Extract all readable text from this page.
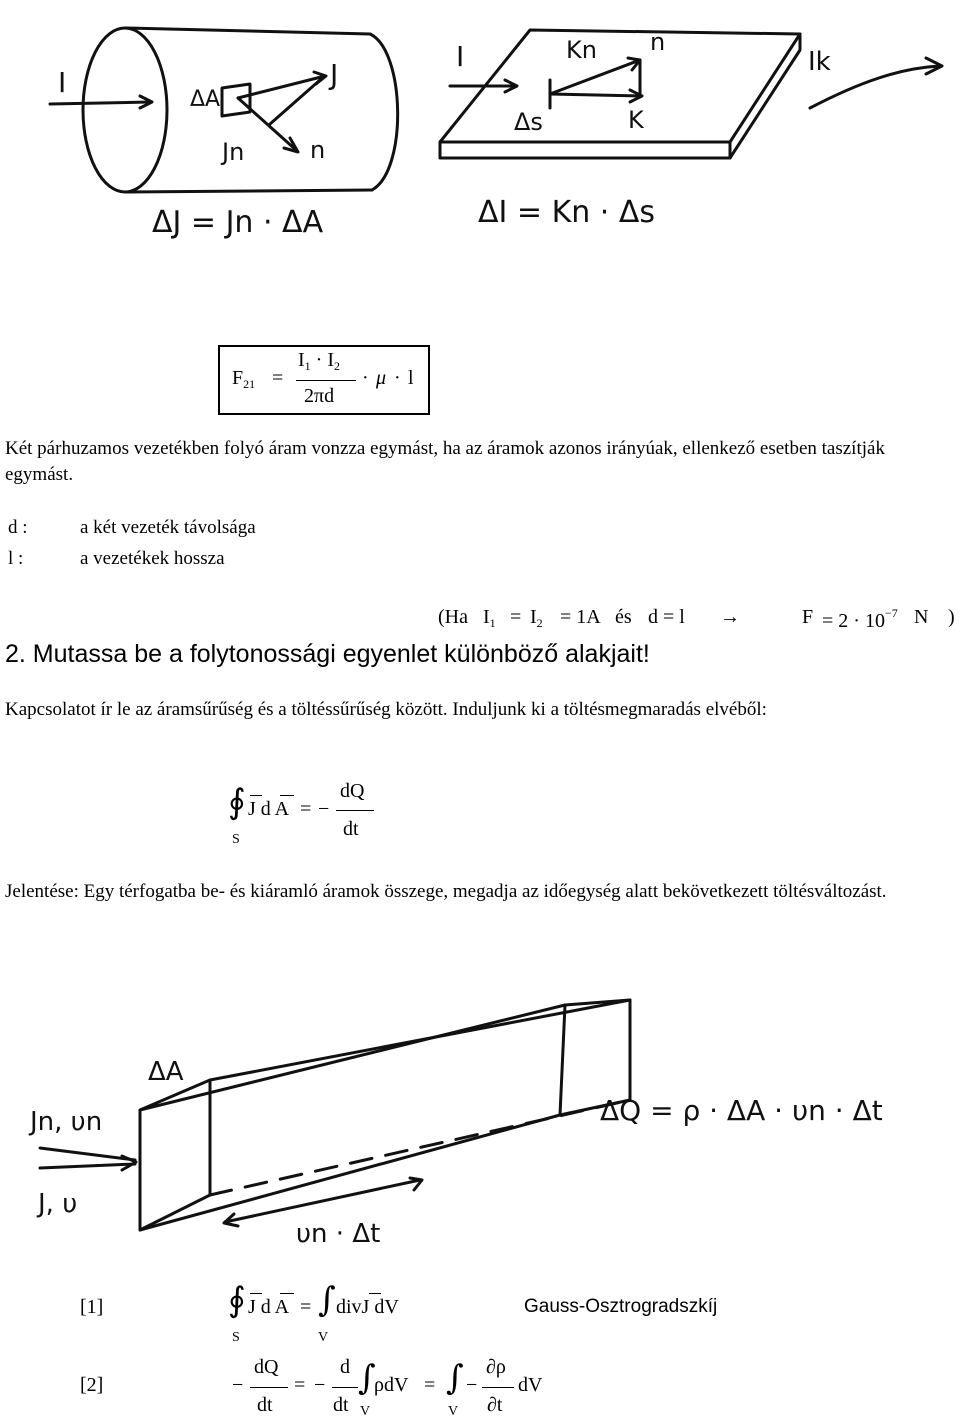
I
ΔA
J
Jn	n
ΔJ = Jn · ΔA
I	Kn n
Δs	K
ΔI = Kn · Δs
Ik
$F_{21}$ =
$I_1 \cdot I_2$
2πd
· μ · l
Két párhuzamos vezetékben folyó áram vonzza egymást, ha az áramok azonos irányúak, ellenkező esetben taszítják egymást.
d :	a két vezeték távolsága
l :	a vezetékek hossza
(Ha $I_1 = I_2 = 1A$ és d = l →	$F = 2 \cdot 10^{-7}$ N )
2. Mutassa be a folytonossági egyenlet különböző alakjait!
Kapcsolatot ír le az áramsűrűség és a töltéssűrűség között. Induljunk ki a töltésmegmaradás elvéből:
∮ J d A = −
dQ
dt
S
Jelentése: Egy térfogatba be- és kiáramló áramok összege, megadja az időegység alatt bekövetkezett töltésváltozást.
ΔA
Jn, υn
J, υ
υn · Δt
ΔQ = ρ · ΔA · υn · Δt
[1]	∮ J d A = ∫ divJ dV
S	V
Gauss-Osztrogradszkíj
[2]	−
dQ
dt
= −
d
dt
∫
ρdV = ∫ −
∂ρ
∂t
dV
V	V
